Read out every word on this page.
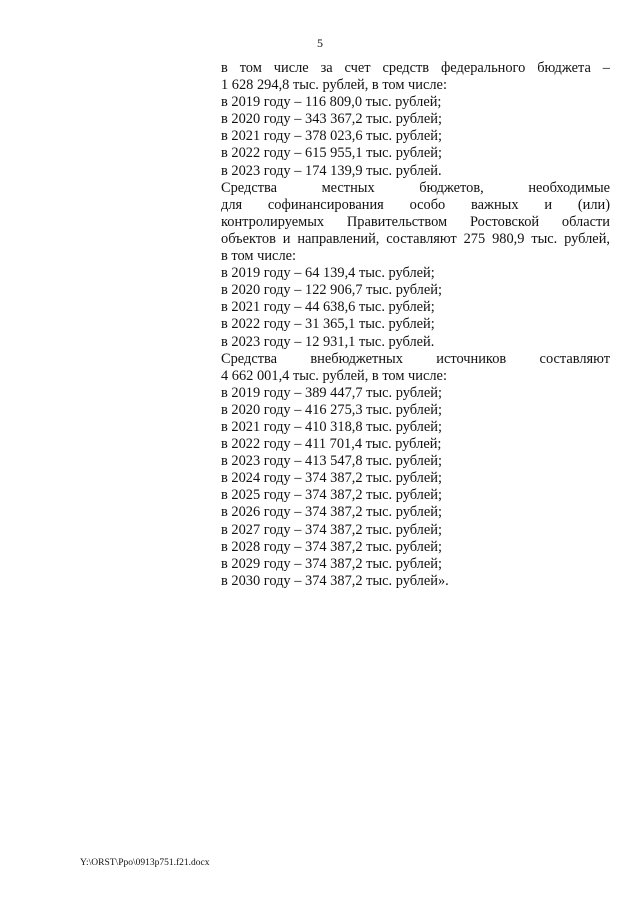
5

в том числе за счет средств федерального бюджета –

1 628 294,8 тыс. рублей, в том числе:

в 2019 году – 116 809,0 тыс. рублей;

в 2020 году – 343 367,2 тыс. рублей;

в 2021 году – 378 023,6 тыс. рублей;

в 2022 году – 615 955,1 тыс. рублей;

в 2023 году – 174 139,9 тыс. рублей.

Средства местных бюджетов, необходимые

для софинансирования особо важных и (или)

контролируемых Правительством Ростовской области

объектов и направлений, составляют 275 980,9 тыс. рублей,

в том числе:

в 2019 году – 64 139,4 тыс. рублей;

в 2020 году – 122 906,7 тыс. рублей;

в 2021 году – 44 638,6 тыс. рублей;

в 2022 году – 31 365,1 тыс. рублей;

в 2023 году – 12 931,1 тыс. рублей.

Средства внебюджетных источников составляют

4 662 001,4 тыс. рублей, в том числе:

в 2019 году – 389 447,7 тыс. рублей;

в 2020 году – 416 275,3 тыс. рублей;

в 2021 году – 410 318,8 тыс. рублей;

в 2022 году – 411 701,4 тыс. рублей;

в 2023 году – 413 547,8 тыс. рублей;

в 2024 году – 374 387,2 тыс. рублей;

в 2025 году – 374 387,2 тыс. рублей;

в 2026 году – 374 387,2 тыс. рублей;

в 2027 году – 374 387,2 тыс. рублей;

в 2028 году – 374 387,2 тыс. рублей;

в 2029 году – 374 387,2 тыс. рублей;

в 2030 году – 374 387,2 тыс. рублей».

Y:\ORST\Ppo\0913p751.f21.docx
